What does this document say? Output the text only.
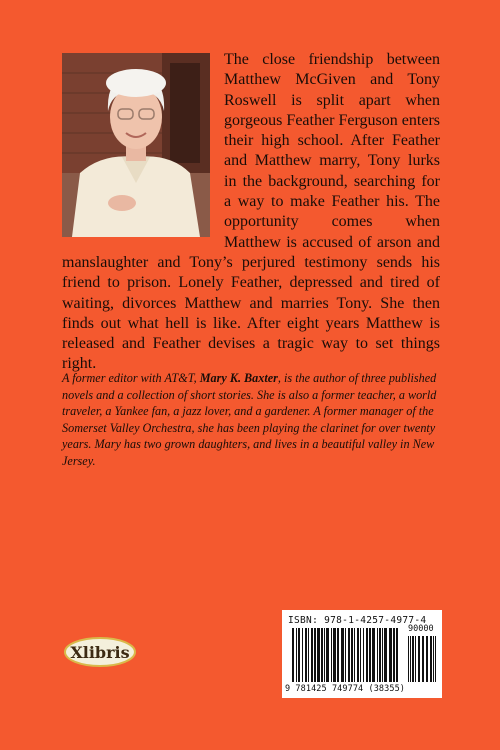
The close friendship between Matthew McGiven and Tony Roswell is split apart when gorgeous Feather Ferguson enters their high school. After Feather and Matthew marry, Tony lurks in the background, searching for a way to make Feather his. The opportunity comes when Matthew is accused of arson and manslaughter and Tony’s perjured testimony sends his friend to prison. Lonely Feather, depressed and tired of waiting, divorces Matthew and marries Tony. She then finds out what hell is like. After eight years Matthew is released and Feather devises a tragic way to set things right.

A former editor with AT&T, Mary K. Baxter, is the author of three published novels and a collection of short stories. She is also a former teacher, a world traveler, a Yankee fan, a jazz lover, and a gardener. A former manager of the Somerset Valley Orchestra, she has been playing the clarinet for over twenty years. Mary has two grown daughters, and lives in a beautiful valley in New Jersey.

ISBN: 978-1-4257-4977-4
90000
9 781425 749774 (38355)
Xlibris
